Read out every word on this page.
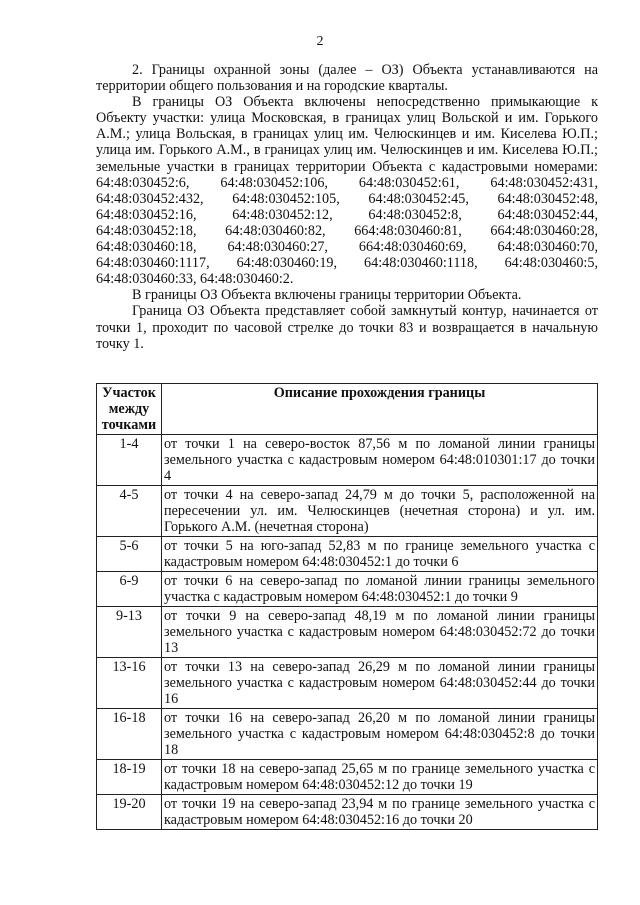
2

2. Границы охранной зоны (далее – ОЗ) Объекта устанавливаются на территории общего пользования и на городские кварталы.

В границы ОЗ Объекта включены непосредственно примыкающие к Объекту участки: улица Московская, в границах улиц Вольской и им. Горького А.М.; улица Вольская, в границах улиц им. Челюскинцев и им. Киселева Ю.П.; улица им. Горького А.М., в границах улиц им. Челюскинцев и им. Киселева Ю.П.; земельные участки в границах территории Объекта с кадастровыми номерами: 64:48:030452:6, 64:48:030452:106, 64:48:030452:61, 64:48:030452:431, 64:48:030452:432, 64:48:030452:105, 64:48:030452:45, 64:48:030452:48, 64:48:030452:16, 64:48:030452:12, 64:48:030452:8, 64:48:030452:44, 64:48:030452:18, 64:48:030460:82, 664:48:030460:81, 664:48:030460:28, 64:48:030460:18, 64:48:030460:27, 664:48:030460:69, 64:48:030460:70, 64:48:030460:1117, 64:48:030460:19, 64:48:030460:1118, 64:48:030460:5, 64:48:030460:33, 64:48:030460:2.

В границы ОЗ Объекта включены границы территории Объекта.

Граница ОЗ Объекта представляет собой замкнутый контур, начинается от точки 1, проходит по часовой стрелке до точки 83 и возвращается в начальную точку 1.

Участок между точками	Описание прохождения границы
1-4	от точки 1 на северо-восток 87,56 м по ломаной линии границы земельного участка с кадастровым номером 64:48:010301:17 до точки 4
4-5	от точки 4 на северо-запад 24,79 м до точки 5, расположенной на пересечении ул. им. Челюскинцев (нечетная сторона) и ул. им. Горького А.М. (нечетная сторона)
5-6	от точки 5 на юго-запад 52,83 м по границе земельного участка с кадастровым номером 64:48:030452:1 до точки 6
6-9	от точки 6 на северо-запад по ломаной линии границы земельного участка с кадастровым номером 64:48:030452:1 до точки 9
9-13	от точки 9 на северо-запад 48,19 м по ломаной линии границы земельного участка с кадастровым номером 64:48:030452:72 до точки 13
13-16	от точки 13 на северо-запад 26,29 м по ломаной линии границы земельного участка с кадастровым номером 64:48:030452:44 до точки 16
16-18	от точки 16 на северо-запад 26,20 м по ломаной линии границы земельного участка с кадастровым номером 64:48:030452:8 до точки 18
18-19	от точки 18 на северо-запад 25,65 м по границе земельного участка с кадастровым номером 64:48:030452:12 до точки 19
19-20	от точки 19 на северо-запад 23,94 м по границе земельного участка с кадастровым номером 64:48:030452:16 до точки 20
